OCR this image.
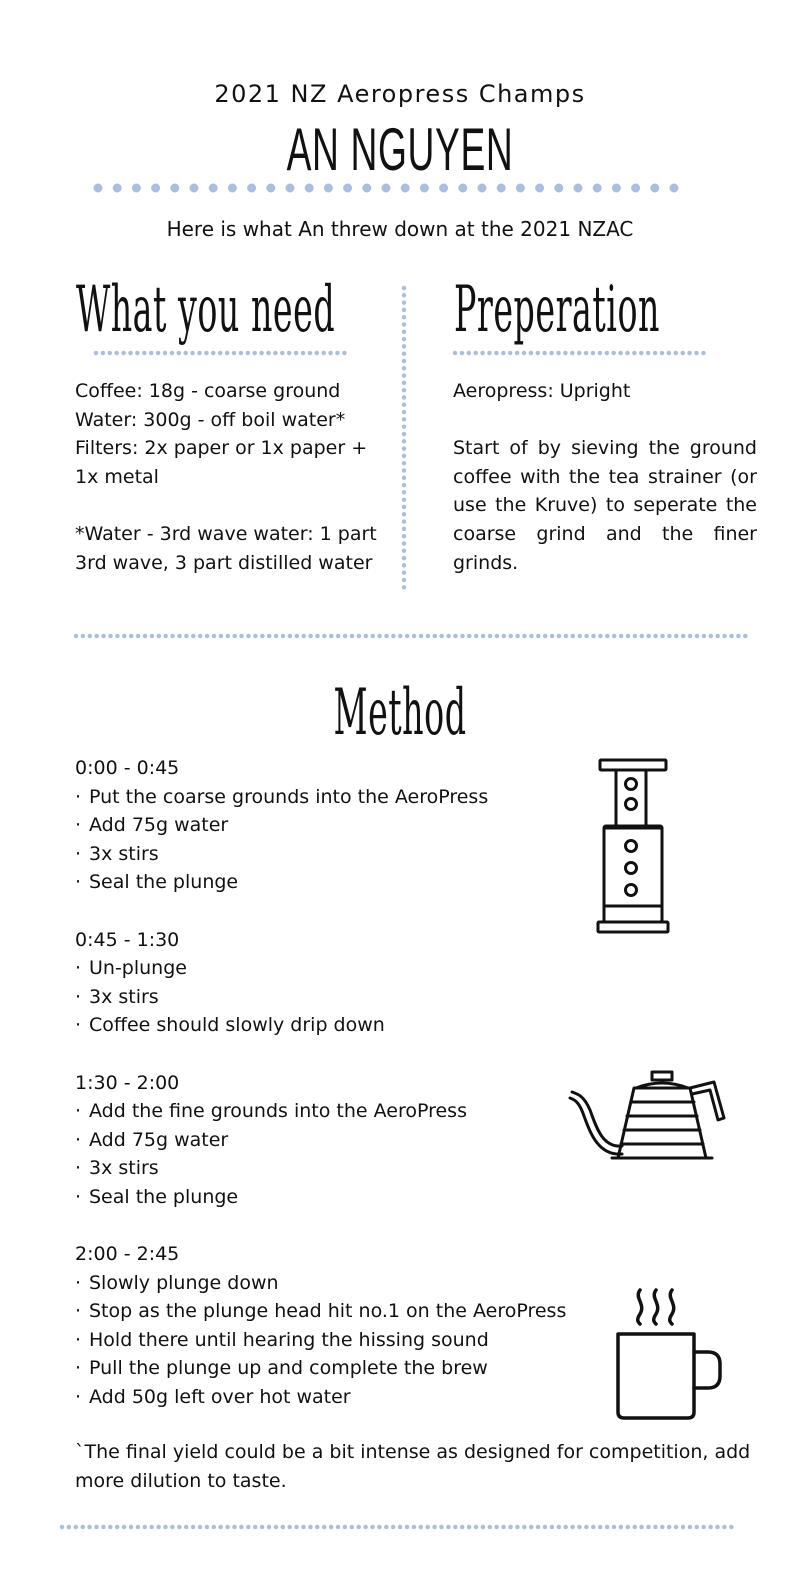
2021 NZ Aeropress Champs
AN NGUYEN
Here is what An threw down at the 2021 NZAC
What you need
Coffee: 18g - coarse ground
Water: 300g - off boil water*
Filters: 2x paper or 1x paper +
1x metal
*Water - 3rd wave water: 1 part
3rd wave, 3 part distilled water
Preperation
Aeropress: Upright
Start of by sieving the ground coffee with the tea strainer (or use the Kruve) to seperate the coarse grind and the finer grinds.
Method
0:00 - 0:45
· Put the coarse grounds into the AeroPress
· Add 75g water
· 3x stirs
· Seal the plunge
0:45 - 1:30
· Un-plunge
· 3x stirs
· Coffee should slowly drip down
1:30 - 2:00
· Add the fine grounds into the AeroPress
· Add 75g water
· 3x stirs
· Seal the plunge
2:00 - 2:45
· Slowly plunge down
· Stop as the plunge head hit no.1 on the AeroPress
· Hold there until hearing the hissing sound
· Pull the plunge up and complete the brew
· Add 50g left over hot water
`The final yield could be a bit intense as designed for competition, add more dilution to taste.
